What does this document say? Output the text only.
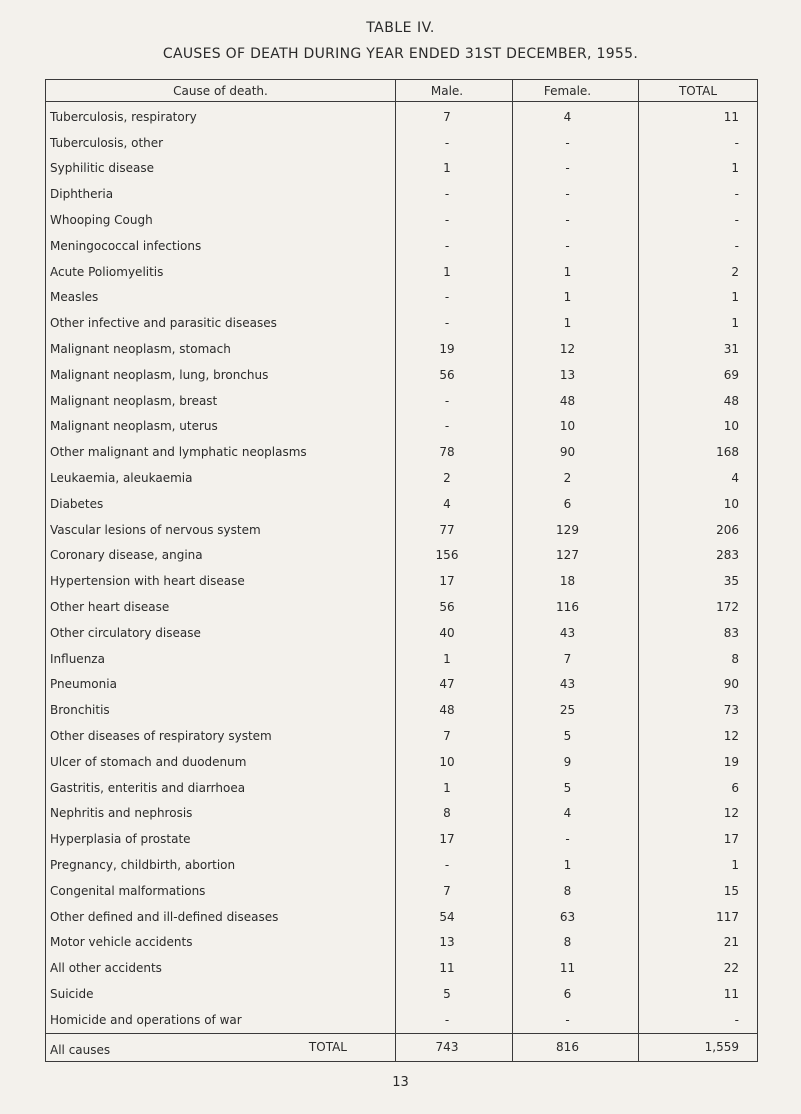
TABLE IV.
CAUSES OF DEATH DURING YEAR ENDED 31ST DECEMBER, 1955.
Cause of death.	Male.	Female.	TOTAL
Tuberculosis, respiratory	7	4	11
Tuberculosis, other	-	-	-
Syphilitic disease	1	-	1
Diphtheria	-	-	-
Whooping Cough	-	-	-
Meningococcal infections	-	-	-
Acute Poliomyelitis	1	1	2
Measles	-	1	1
Other infective and parasitic diseases	-	1	1
Malignant neoplasm, stomach	19	12	31
Malignant neoplasm, lung, bronchus	56	13	69
Malignant neoplasm, breast	-	48	48
Malignant neoplasm, uterus	-	10	10
Other malignant and lymphatic neoplasms	78	90	168
Leukaemia, aleukaemia	2	2	4
Diabetes	4	6	10
Vascular lesions of nervous system	77	129	206
Coronary disease, angina	156	127	283
Hypertension with heart disease	17	18	35
Other heart disease	56	116	172
Other circulatory disease	40	43	83
Influenza	1	7	8
Pneumonia	47	43	90
Bronchitis	48	25	73
Other diseases of respiratory system	7	5	12
Ulcer of stomach and duodenum	10	9	19
Gastritis, enteritis and diarrhoea	1	5	6
Nephritis and nephrosis	8	4	12
Hyperplasia of prostate	17	-	17
Pregnancy, childbirth, abortion	-	1	1
Congenital malformations	7	8	15
Other defined and ill-defined diseases	54	63	117
Motor vehicle accidents	13	8	21
All other accidents	11	11	22
Suicide	5	6	11
Homicide and operations of war	-	-	-

All causes TOTAL	743	816	1,559
13
